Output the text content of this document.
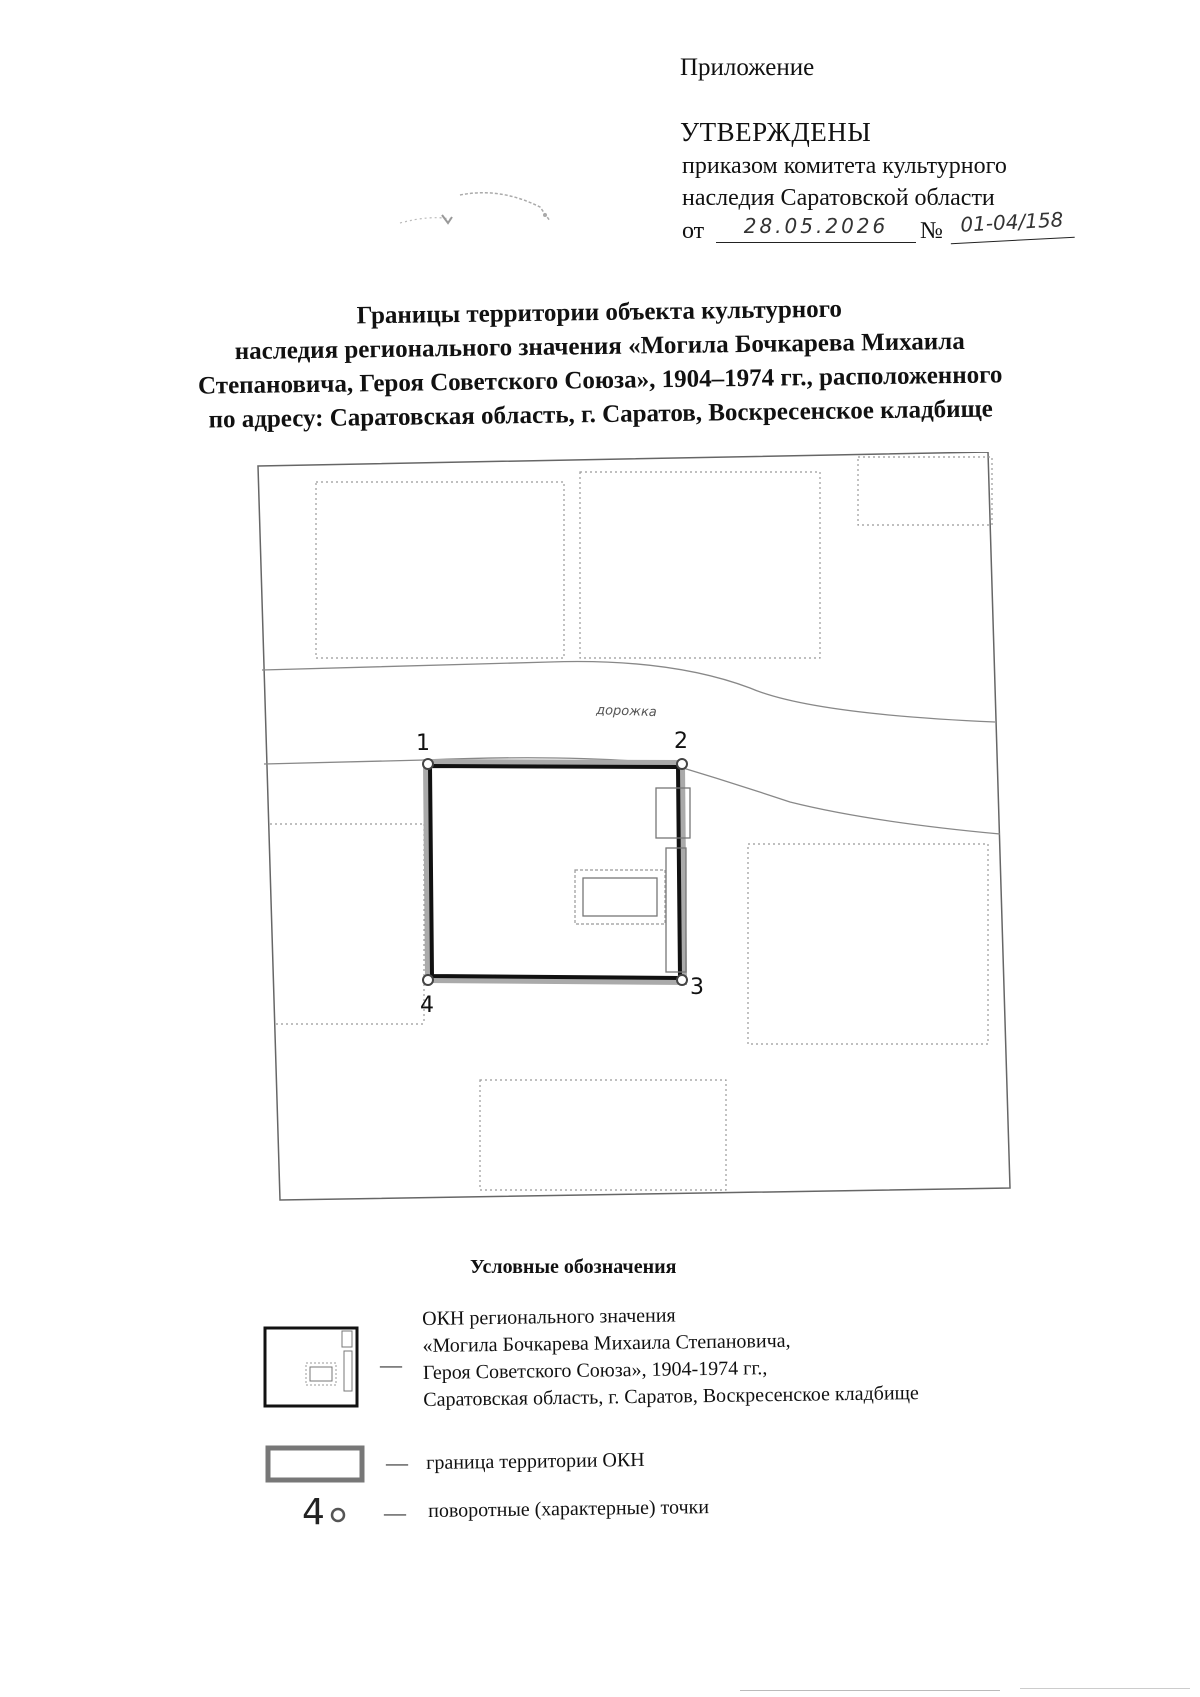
Приложение
УТВЕРЖДЕНЫ
приказом комитета культурного
наследия Саратовской области
от	28.05.2026	№ 01-04/158
Границы территории объекта культурного
наследия регионального значения «Могила Бочкарева Михаила
Степановича, Героя Советского Союза», 1904–1974 гг., расположенного
по адресу: Саратовская область, г. Саратов, Воскресенское кладбище
дорожка
1	2
3
4
Условные обозначения
—
ОКН регионального значения
«Могила Бочкарева Михаила Степановича,
Героя Советского Союза», 1904-1974 гг.,
Саратовская область, г. Саратов, Воскресенское кладбище
— граница территории ОКН
4	— поворотные (характерные) точки
